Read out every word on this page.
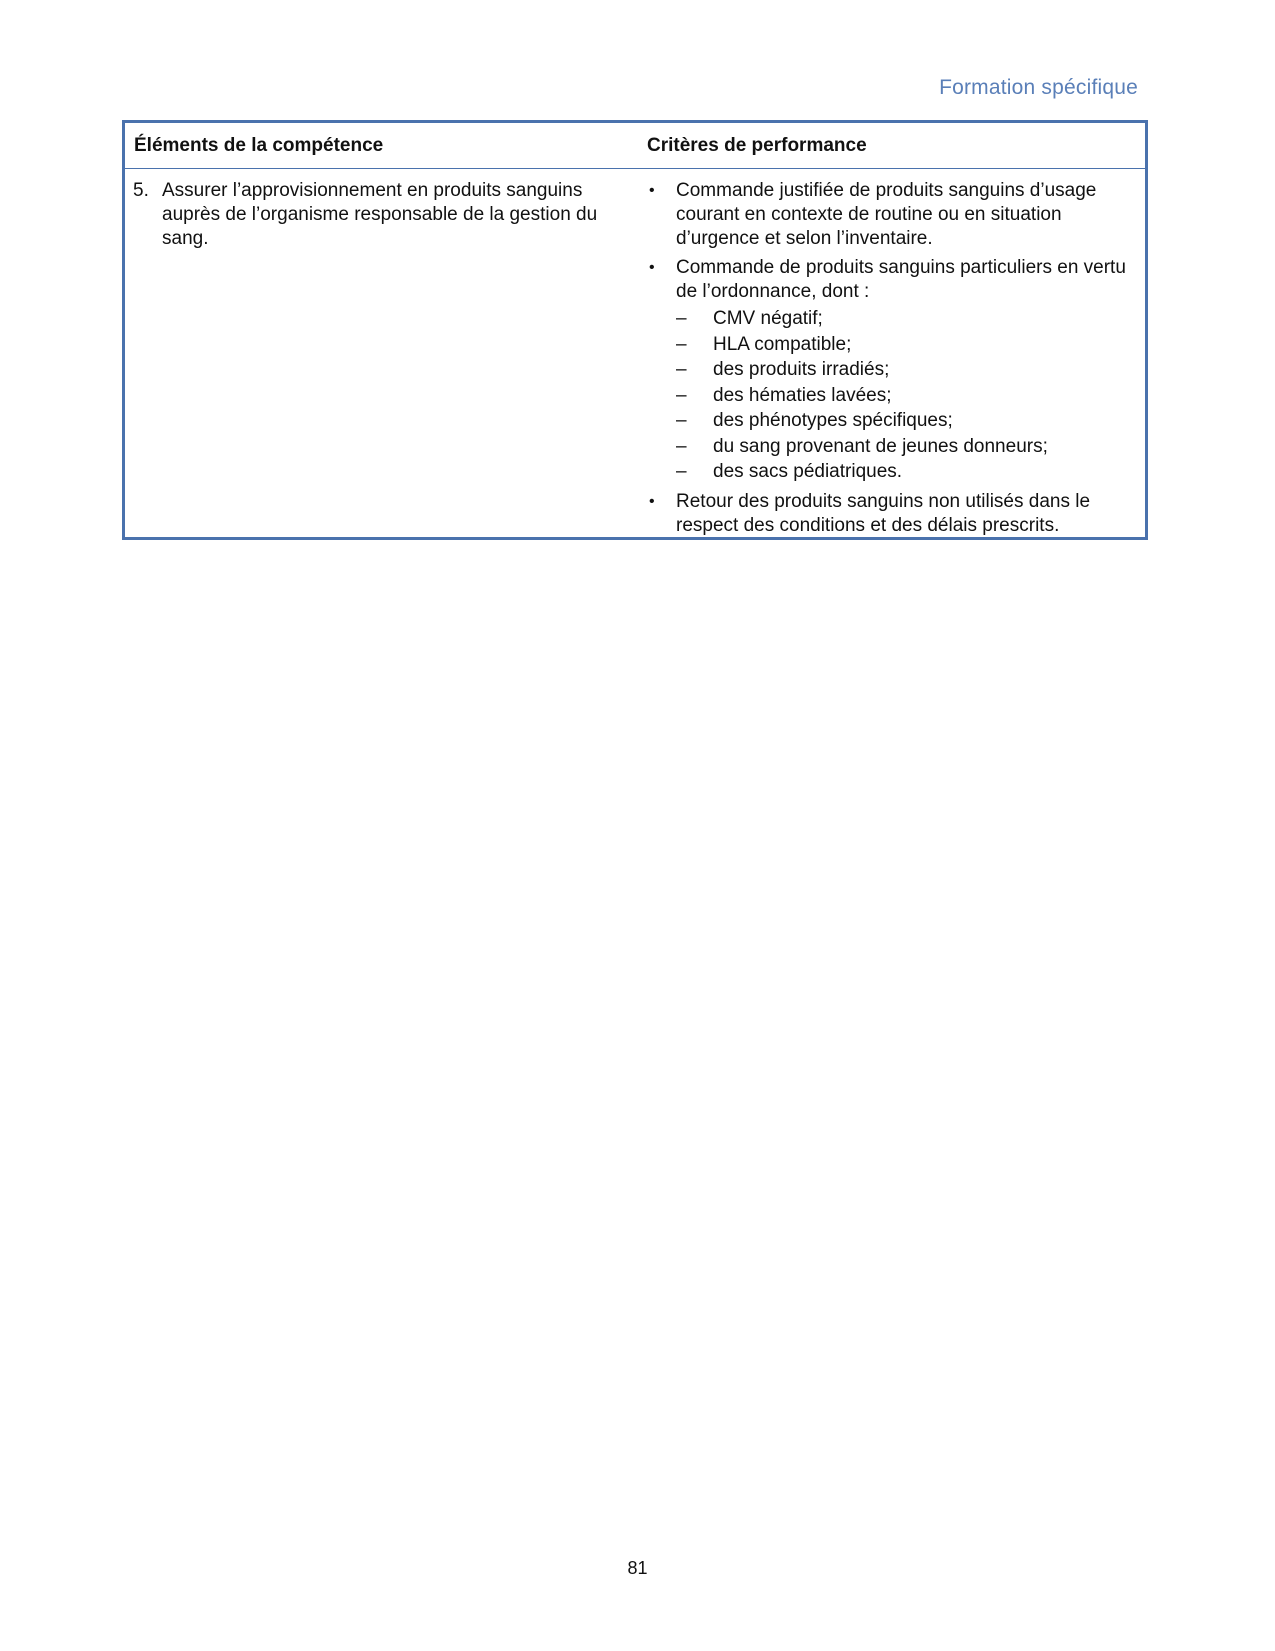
Formation spécifique
Éléments de la compétence	Critères de performance
5. Assurer l’approvisionnement en produits sanguins auprès de l’organisme responsable de la gestion du sang.
• Commande justifiée de produits sanguins d’usage courant en contexte de routine ou en situation d’urgence et selon l’inventaire.
• Commande de produits sanguins particuliers en vertu de l’ordonnance, dont :
– CMV négatif;
– HLA compatible;
– des produits irradiés;
– des hématies lavées;
– des phénotypes spécifiques;
– du sang provenant de jeunes donneurs;
– des sacs pédiatriques.
• Retour des produits sanguins non utilisés dans le respect des conditions et des délais prescrits.
81
